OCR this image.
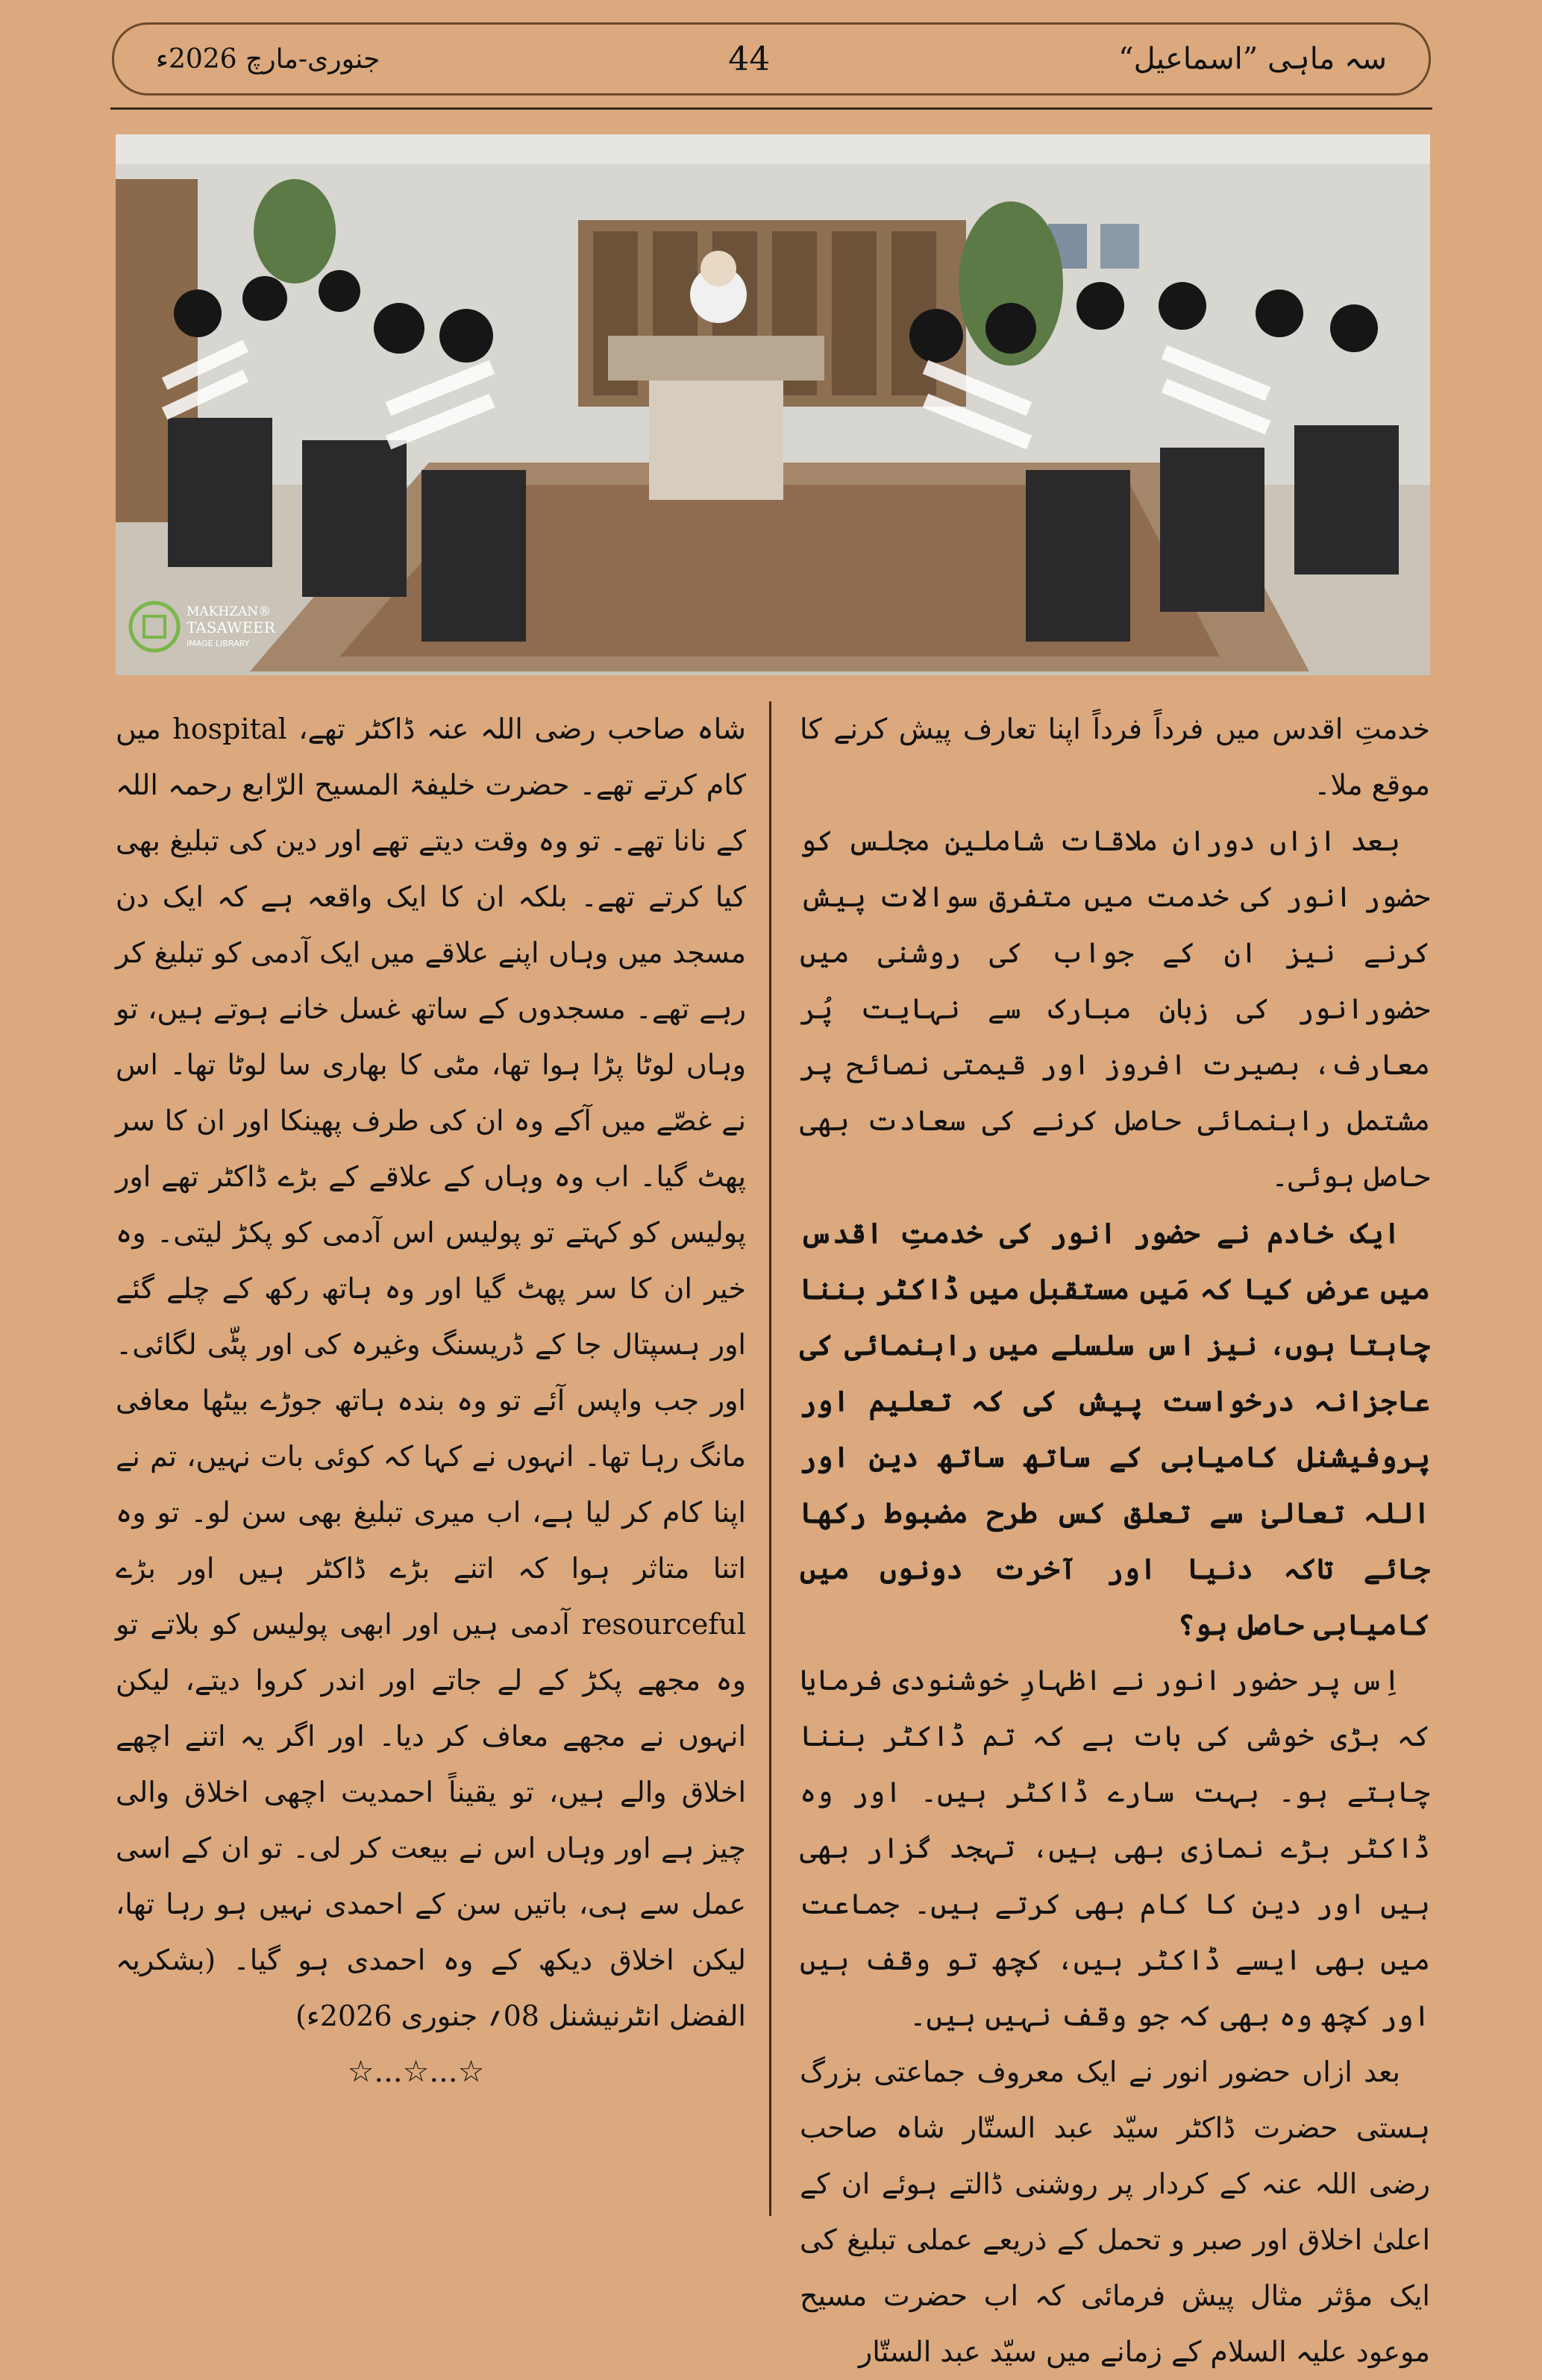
سہ ماہی ”اسماعیل“
44
جنوری-مارچ 2026ء
MAKHZAN®
TASAWEER
IMAGE LIBRARY

خدمتِ اقدس میں فرداً فرداً اپنا تعارف پیش کرنے کا موقع ملا۔

بعد ازاں دورانِ ملاقات شاملینِ مجلس کو حضور انور کی خدمت میں متفرق سوالات پیش کرنے نیز ان کے جواب کی روشنی میں حضورانور کی زبانِ مبارک سے نہایت پُر معارف، بصیرت افروز اور قیمتی نصائح پر مشتمل راہنمائی حاصل کرنے کی سعادت بھی حاصل ہوئی۔

ایک خادم نے حضور انور کی خدمتِ اقدس میں عرض کیا کہ مَیں مستقبل میں ڈاکٹر بننا چاہتا ہوں، نیز اس سلسلے میں راہنمائی کی عاجزانہ درخواست پیش کی کہ تعلیم اور پروفیشنل کامیابی کے ساتھ ساتھ دین اور اللہ تعالیٰ سے تعلق کس طرح مضبوط رکھا جائے تاکہ دنیا اور آخرت دونوں میں کامیابی حاصل ہو؟

اِس پر حضور انور نے اظہارِ خوشنودی فرمایا کہ بڑی خوشی کی بات ہے کہ تم ڈاکٹر بننا چاہتے ہو۔ بہت سارے ڈاکٹر ہیں۔ اور وہ ڈاکٹر بڑے نمازی بھی ہیں، تہجد گزار بھی ہیں اور دین کا کام بھی کرتے ہیں۔ جماعت میں بھی ایسے ڈاکٹر ہیں، کچھ تو وقف ہیں اور کچھ وہ بھی کہ جو وقف نہیں ہیں۔

بعد ازاں حضور انور نے ایک معروف جماعتی بزرگ ہستی حضرت ڈاکٹر سیّد عبد الستّار شاہ صاحب رضی اللہ عنہ کے کردار پر روشنی ڈالتے ہوئے ان کے اعلیٰ اخلاق اور صبر و تحمل کے ذریعے عملی تبلیغ کی ایک مؤثر مثال پیش فرمائی کہ اب حضرت مسیح موعود علیہ السلام کے زمانے میں سیّد عبد الستّار

شاہ صاحب رضی اللہ عنہ ڈاکٹر تھے، hospital میں کام کرتے تھے۔ حضرت خلیفۃ المسیح الرّابع رحمہ اللہ کے نانا تھے۔ تو وہ وقت دیتے تھے اور دین کی تبلیغ بھی کیا کرتے تھے۔ بلکہ ان کا ایک واقعہ ہے کہ ایک دن مسجد میں وہاں اپنے علاقے میں ایک آدمی کو تبلیغ کر رہے تھے۔ مسجدوں کے ساتھ غسل خانے ہوتے ہیں، تو وہاں لوٹا پڑا ہوا تھا، مٹی کا بھاری سا لوٹا تھا۔ اس نے غصّے میں آکے وہ ان کی طرف پھینکا اور ان کا سر پھٹ گیا۔ اب وہ وہاں کے علاقے کے بڑے ڈاکٹر تھے اور پولیس کو کہتے تو پولیس اس آدمی کو پکڑ لیتی۔ وہ خیر ان کا سر پھٹ گیا اور وہ ہاتھ رکھ کے چلے گئے اور ہسپتال جا کے ڈریسنگ وغیرہ کی اور پٹّی لگائی۔ اور جب واپس آئے تو وہ بندہ ہاتھ جوڑے بیٹھا معافی مانگ رہا تھا۔ انہوں نے کہا کہ کوئی بات نہیں، تم نے اپنا کام کر لیا ہے، اب میری تبلیغ بھی سن لو۔ تو وہ اتنا متاثر ہوا کہ اتنے بڑے ڈاکٹر ہیں اور بڑے resourceful آدمی ہیں اور ابھی پولیس کو بلاتے تو وہ مجھے پکڑ کے لے جاتے اور اندر کروا دیتے، لیکن انہوں نے مجھے معاف کر دیا۔ اور اگر یہ اتنے اچھے اخلاق والے ہیں، تو یقیناً احمدیت اچھی اخلاق والی چیز ہے اور وہاں اس نے بیعت کر لی۔ تو ان کے اسی عمل سے ہی، باتیں سن کے احمدی نہیں ہو رہا تھا، لیکن اخلاق دیکھ کے وہ احمدی ہو گیا۔ (بشکریہ الفضل انٹرنیشنل 08؍ جنوری 2026ء)

☆...☆...☆
